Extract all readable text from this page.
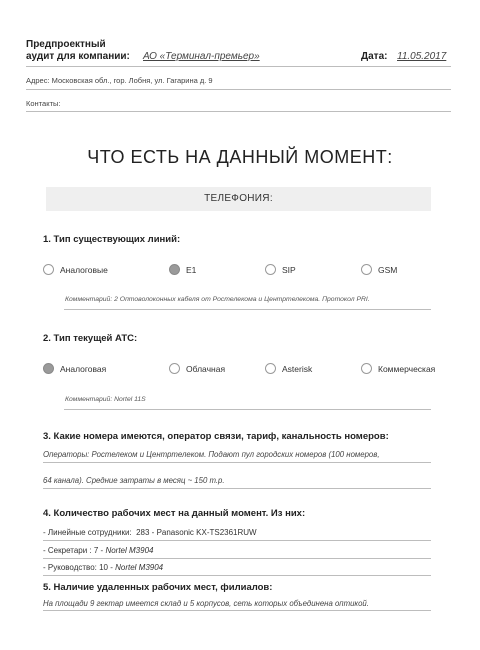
Предпроектный
аудит для компании: АО «Терминал-премьер»	Дата: 11.05.2017
Адрес: Московская обл., гор. Лобня, ул. Гагарина д. 9
Контакты:
ЧТО ЕСТЬ НА ДАННЫЙ МОМЕНТ:
ТЕЛЕФОНИЯ:
1. Тип существующих линий:
Аналоговые	E1	SIP	GSM
Комментарий: 2 Оптоволоконных кабеля от Ростелекома и Центртелекома. Протокол PRI.
2. Тип текущей АТС:
Аналоговая	Облачная	Asterisk	Коммерческая
Комментарий: Nortel 11S
3. Какие номера имеются, оператор связи, тариф, канальность номеров:
Операторы: Ростелеком и Центртелеком. Подают пул городских номеров (100 номеров,
64 канала). Средние затраты в месяц ~ 150 т.р.
4. Количество рабочих мест на данный момент. Из них:
- Линейные сотрудники: 283 - Panasonic KX-TS2361RUW
- Секретари : 7 - Nortel M3904
- Руководство: 10 - Nortel M3904
5. Наличие удаленных рабочих мест, филиалов:
На площади 9 гектар имеется склад и 5 корпусов, сеть которых объединена оптикой.
